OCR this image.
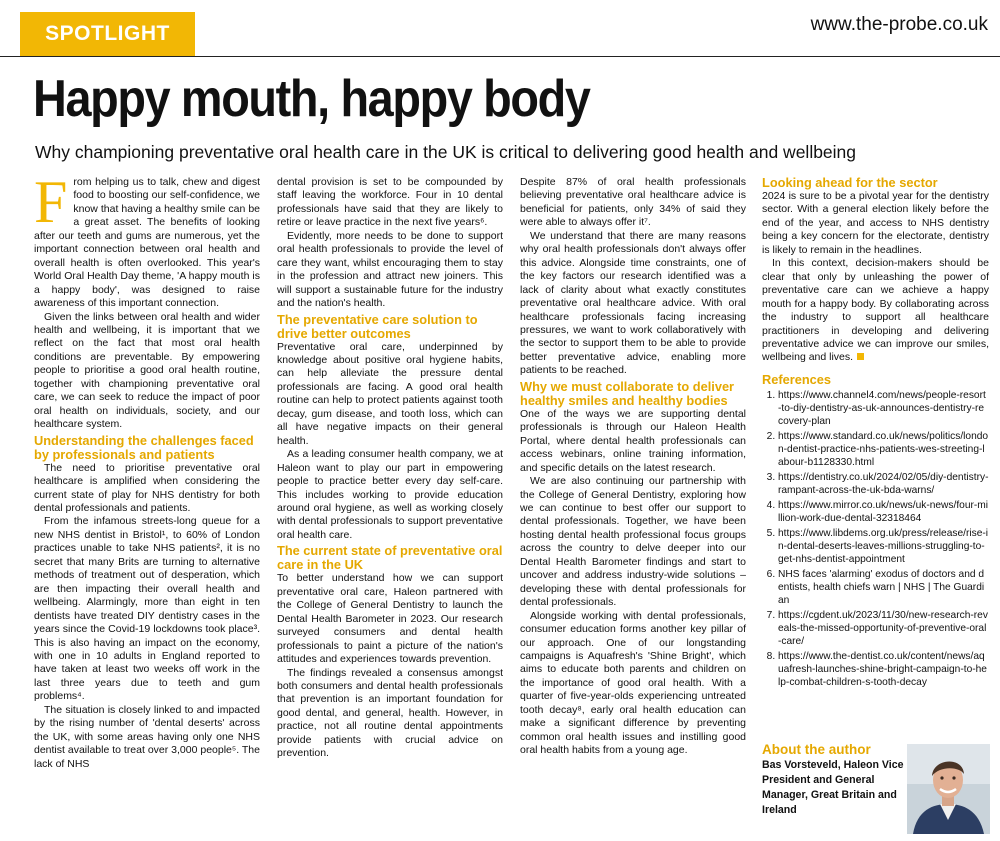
SPOTLIGHT	www.the-probe.co.uk
Happy mouth, happy body
Why championing preventative oral health care in the UK is critical to delivering good health and wellbeing
F rom helping us to talk, chew and digest food to boosting our self-confidence, we know that having a healthy smile can be a great asset. The benefits of looking after our teeth and gums are numerous, yet the important connection between oral health and overall health is often overlooked. This year's World Oral Health Day theme, 'A happy mouth is a happy body', was designed to raise awareness of this important connection.

Given the links between oral health and wider health and wellbeing, it is important that we reflect on the fact that most oral health conditions are preventable. By empowering people to prioritise a good oral health routine, together with championing preventative oral care, we can seek to reduce the impact of poor oral health on individuals, society, and our healthcare system.

Understanding the challenges faced by professionals and patients

The need to prioritise preventative oral healthcare is amplified when considering the current state of play for NHS dentistry for both dental professionals and patients.

From the infamous streets-long queue for a new NHS dentist in Bristol¹, to 60% of London practices unable to take NHS patients², it is no secret that many Brits are turning to alternative methods of treatment out of desperation, which are then impacting their overall health and wellbeing. Alarmingly, more than eight in ten dentists have treated DIY dentistry cases in the years since the Covid-19 lockdowns took place³. This is also having an impact on the economy, with one in 10 adults in England reported to have taken at least two weeks off work in the last three years due to teeth and gum problems⁴.

The situation is closely linked to and impacted by the rising number of 'dental deserts' across the UK, with some areas having only one NHS dentist available to treat over 3,000 people⁵. The lack of NHS

dental provision is set to be compounded by staff leaving the workforce. Four in 10 dental professionals have said that they are likely to retire or leave practice in the next five years⁶.

Evidently, more needs to be done to support oral health professionals to provide the level of care they want, whilst encouraging them to stay in the profession and attract new joiners. This will support a sustainable future for the industry and the nation's health.

The preventative care solution to drive better outcomes

Preventative oral care, underpinned by knowledge about positive oral hygiene habits, can help alleviate the pressure dental professionals are facing. A good oral health routine can help to protect patients against tooth decay, gum disease, and tooth loss, which can all have negative impacts on their general health.

As a leading consumer health company, we at Haleon want to play our part in empowering people to practice better every day self-care. This includes working to provide education around oral hygiene, as well as working closely with dental professionals to support preventative oral health care.

The current state of preventative oral care in the UK

To better understand how we can support preventative oral care, Haleon partnered with the College of General Dentistry to launch the Dental Health Barometer in 2023. Our research surveyed consumers and dental health professionals to paint a picture of the nation's attitudes and experiences towards prevention.

The findings revealed a consensus amongst both consumers and dental health professionals that prevention is an important foundation for good dental, and general, health. However, in practice, not all routine dental appointments provide patients with crucial advice on prevention.

Despite 87% of oral health professionals believing preventative oral healthcare advice is beneficial for patients, only 34% of said they were able to always offer it⁷.

We understand that there are many reasons why oral health professionals don't always offer this advice. Alongside time constraints, one of the key factors our research identified was a lack of clarity about what exactly constitutes preventative oral healthcare advice. With oral healthcare professionals facing increasing pressures, we want to work collaboratively with the sector to support them to be able to provide better preventative advice, enabling more patients to be reached.

Why we must collaborate to deliver healthy smiles and healthy bodies

One of the ways we are supporting dental professionals is through our Haleon Health Portal, where dental health professionals can access webinars, online training information, and specific details on the latest research.

We are also continuing our partnership with the College of General Dentistry, exploring how we can continue to best offer our support to dental professionals. Together, we have been hosting dental health professional focus groups across the country to delve deeper into our Dental Health Barometer findings and start to uncover and address industry-wide solutions – developing these with dental professionals for dental professionals.

Alongside working with dental professionals, consumer education forms another key pillar of our approach. One of our longstanding campaigns is Aquafresh's 'Shine Bright', which aims to educate both parents and children on the importance of good oral health. With a quarter of five-year-olds experiencing untreated tooth decay⁸, early oral health education can make a significant difference by preventing common oral health issues and instilling good oral health habits from a young age.

Looking ahead for the sector

2024 is sure to be a pivotal year for the dentistry sector. With a general election likely before the end of the year, and access to NHS dentistry being a key concern for the electorate, dentistry is likely to remain in the headlines.

In this context, decision-makers should be clear that only by unleashing the power of preventative care can we achieve a happy mouth for a happy body. By collaborating across the industry to support all healthcare practitioners in developing and delivering preventative advice we can improve our smiles, wellbeing and lives.

References
1. https://www.channel4.com/news/people-resort-to-diy-dentistry-as-uk-announces-dentistry-recovery-plan
2. https://www.standard.co.uk/news/politics/london-dentist-practice-nhs-patients-wes-streeting-labour-b1128330.html
3. https://dentistry.co.uk/2024/02/05/diy-dentistry-rampant-across-the-uk-bda-warns/
4. https://www.mirror.co.uk/news/uk-news/four-million-work-due-dental-32318464
5. https://www.libdems.org.uk/press/release/rise-in-dental-deserts-leaves-millions-struggling-to-get-nhs-dentist-appointment
6. NHS faces 'alarming' exodus of doctors and dentists, health chiefs warn | NHS | The Guardian
7. https://cgdent.uk/2023/11/30/new-research-reveals-the-missed-opportunity-of-preventive-oral-care/
8. https://www.the-dentist.co.uk/content/news/aquafresh-launches-shine-bright-campaign-to-help-combat-children-s-tooth-decay
About the author
Bas Vorsteveld, Haleon Vice President and General Manager, Great Britain and Ireland
